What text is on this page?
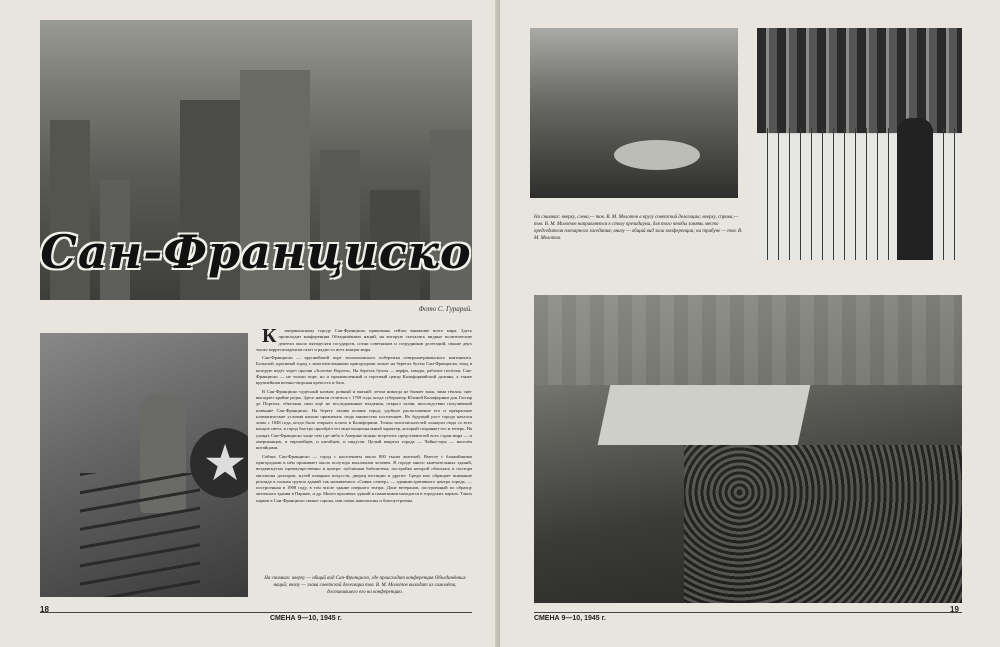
Сан-Франциско
Фото С. Гурарий.
★

К американскому городу Сан-Франциско прикованы сейчас внимание всего мира. Здесь происходит конференция Объединённых наций, на которую съехались видные политические деятели около пятидесяти государств, сотни советников и сотрудников делегаций, свыше двух тысяч корреспондентов газет и радио со всех концов мира.

Сан-Франциско — крупнейший порт тихоокеанского побережья североамериканского континента. Большой, красивый город с многочисленными пригородами лежит на берегах бухты Сан-Франциско, вход в которую ведёт через пролив «Золотые Ворота». На берегах бухты — верфи, заводы, рабочие посёлки. Сан-Франциско — не только порт, но и промышленный и торговый центр Калифорнийской долины, а также крупнейшая военно-морская крепость и база.

В Сан-Франциско чудесный климат, ровный и мягкий: летом никогда не бывает зноя, зима тёплая, снег выпадает крайне редко. Здесь начали селиться с 1769 года, когда губернатор Южной Калифорнии дон Гаспар де Портола, объезжая свои ещё не исследованные владения, открыл залив, впоследствии получивший название Сан-Франциско. На берегу залива возник город; удобное расположение его и прекрасные климатические условия начали привлекать сюда множество поселенцев. Но будущий рост города начался лишь с 1848 года, когда было открыто золото в Калифорнии. Толпы золотоискателей хлынули сюда со всех концов света, и город быстро приобрёл тот многонациональный характер, который сохраняет его и теперь. На улицах Сан-Франциско чаще чем где-либо в Америке можно встретить представителей всех стран мира — и американцев, и европейцев, и китайцев, и индусов. Целый квартал города — Чайна-таун — населён китайцами.

Сейчас Сан-Франциско — город с населением около 800 тысяч жителей. Вместе с ближайшими пригородами в нём проживает около полутора миллионов человек. В городе много замечательных зданий, воздвигнутых преимущественно в центре: публичная библиотека, постройка которой обошлась в полтора миллиона долларов, музей изящных искусств, дворец юстиции и другие. Среди них обращает внимание ротонда в полная группа зданий так называемого «Сивик сентер» — административного центра города, — построенная в 1908 году, в том числе здание оперного театра. Доне ветеранов, построенный по образцу античного здания в Париже, и др. Много красивых зданий и памятников находится в городских парках. Таких парков в Сан-Франциско свыше сорока, они очень живописны и благоустроены.

На снимках: вверху — общий вид Сан-Франциско, где происходит конференция Объединённых наций; внизу — глава советской делегации тов. В. М. Молотов выходит из самолёта, доставившего его на конференцию.
18
На снимках: вверху, слева,— тов. В. М. Молотов в кругу советской делегации; вверху, справа,— тов. В. М. Молотов направляется к столу президиума, для того чтобы занять место председателя пленарного заседания; внизу — общий вид зала конференции; на трибуне — тов. В. М. Молотов.
СМЕНА 9—10, 1945 г.
19
СМЕНА 9—10, 1945 г.
